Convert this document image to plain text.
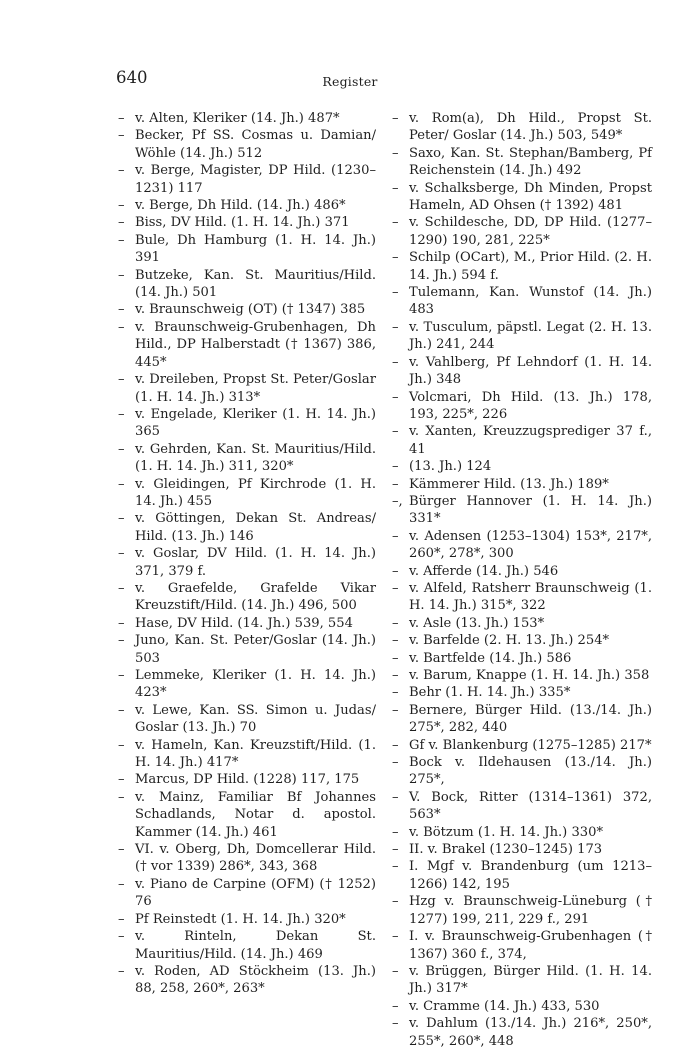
640	Register

– v. Alten, Kleriker (14. Jh.) 487*

– Becker, Pf SS. Cosmas u. Damian/ Wöhle (14. Jh.) 512

– v. Berge, Magister, DP Hild. (1230–1231) 117

– v. Berge, Dh Hild. (14. Jh.) 486*

– Biss, DV Hild. (1. H. 14. Jh.) 371

– Bule, Dh Hamburg (1. H. 14. Jh.) 391

– Butzeke, Kan. St. Mauritius/Hild. (14. Jh.) 501

– v. Braunschweig (OT) († 1347) 385

– v. Braunschweig-Grubenhagen, Dh Hild., DP Halberstadt († 1367) 386, 445*

– v. Dreileben, Propst St. Peter/Goslar (1. H. 14. Jh.) 313*

– v. Engelade, Kleriker (1. H. 14. Jh.) 365

– v. Gehrden, Kan. St. Mauritius/Hild. (1. H. 14. Jh.) 311, 320*

– v. Gleidingen, Pf Kirchrode (1. H. 14. Jh.) 455

– v. Göttingen, Dekan St. Andreas/ Hild. (13. Jh.) 146

– v. Goslar, DV Hild. (1. H. 14. Jh.) 371, 379 f.

– v. Graefelde, Grafelde Vikar Kreuzstift/Hild. (14. Jh.) 496, 500

– Hase, DV Hild. (14. Jh.) 539, 554

– Juno, Kan. St. Peter/Goslar (14. Jh.) 503

– Lemmeke, Kleriker (1. H. 14. Jh.) 423*

– v. Lewe, Kan. SS. Simon u. Judas/ Goslar (13. Jh.) 70

– v. Hameln, Kan. Kreuzstift/Hild. (1. H. 14. Jh.) 417*

– Marcus, DP Hild. (1228) 117, 175

– v. Mainz, Familiar Bf Johannes Schadlands, Notar d. apostol. Kammer (14. Jh.) 461

– VI. v. Oberg, Dh, Domcellerar Hild. († vor 1339) 286*, 343, 368

– v. Piano de Carpine (OFM) († 1252) 76

– Pf Reinstedt (1. H. 14. Jh.) 320*

– v. Rinteln, Dekan St. Mauritius/Hild. (14. Jh.) 469

– v. Roden, AD Stöckheim (13. Jh.) 88, 258, 260*, 263*

– v. Rom(a), Dh Hild., Propst St. Peter/ Goslar (14. Jh.) 503, 549*

– Saxo, Kan. St. Stephan/Bamberg, Pf Reichenstein (14. Jh.) 492

– v. Schalksberge, Dh Minden, Propst Hameln, AD Ohsen († 1392) 481

– v. Schildesche, DD, DP Hild. (1277–1290) 190, 281, 225*

– Schilp (OCart), M., Prior Hild. (2. H. 14. Jh.) 594 f.

– Tulemann, Kan. Wunstof (14. Jh.) 483

– v. Tusculum, päpstl. Legat (2. H. 13. Jh.) 241, 244

– v. Vahlberg, Pf Lehndorf (1. H. 14. Jh.) 348

– Volcmari, Dh Hild. (13. Jh.) 178, 193, 225*, 226

– v. Xanten, Kreuzzugsprediger 37 f., 41

– (13. Jh.) 124

– Kämmerer Hild. (13. Jh.) 189*

–, Bürger Hannover (1. H. 14. Jh.) 331*

– v. Adensen (1253–1304) 153*, 217*, 260*, 278*, 300

– v. Afferde (14. Jh.) 546

– v. Alfeld, Ratsherr Braunschweig (1. H. 14. Jh.) 315*, 322

– v. Asle (13. Jh.) 153*

– v. Barfelde (2. H. 13. Jh.) 254*

– v. Bartfelde (14. Jh.) 586

– v. Barum, Knappe (1. H. 14. Jh.) 358

– Behr (1. H. 14. Jh.) 335*

– Bernere, Bürger Hild. (13./14. Jh.) 275*, 282, 440

– Gf v. Blankenburg (1275–1285) 217*

– Bock v. Ildehausen (13./14. Jh.) 275*,

– V. Bock, Ritter (1314–1361) 372, 563*

– v. Bötzum (1. H. 14. Jh.) 330*

– II. v. Brakel (1230–1245) 173

– I. Mgf v. Brandenburg (um 1213–1266) 142, 195

– Hzg v. Braunschweig-Lüneburg († 1277) 199, 211, 229 f., 291

– I. v. Braunschweig-Grubenhagen († 1367) 360 f., 374,

– v. Brüggen, Bürger Hild. (1. H. 14. Jh.) 317*

– v. Cramme (14. Jh.) 433, 530

– v. Dahlum (13./14. Jh.) 216*, 250*, 255*, 260*, 448
